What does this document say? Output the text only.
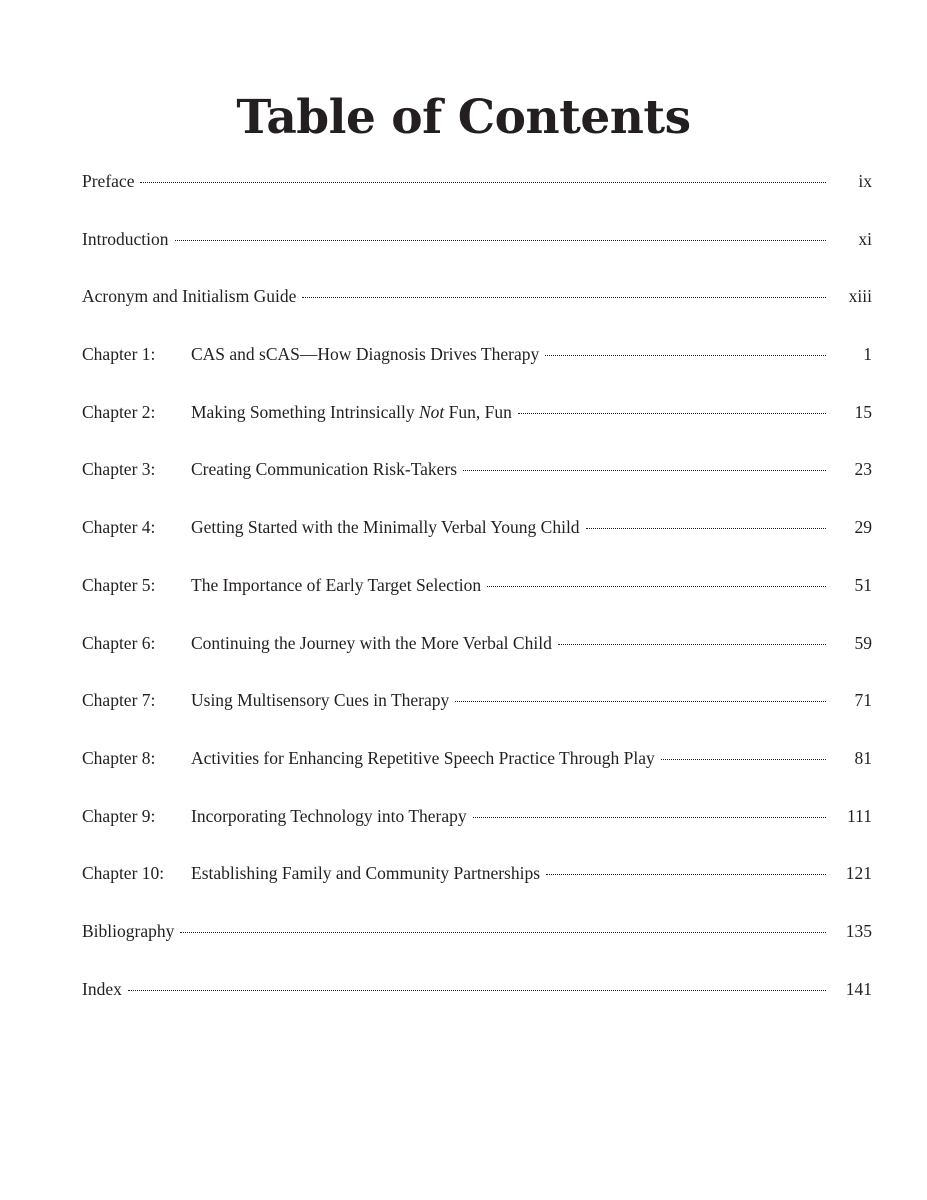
Table of Contents
Preface	ix
Introduction	xi
Acronym and Initialism Guide	xiii
Chapter 1:	CAS and sCAS—How Diagnosis Drives Therapy	1
Chapter 2:	Making Something Intrinsically Not Fun, Fun	15
Chapter 3:	Creating Communication Risk-Takers	23
Chapter 4:	Getting Started with the Minimally Verbal Young Child	29
Chapter 5:	The Importance of Early Target Selection	51
Chapter 6:	Continuing the Journey with the More Verbal Child	59
Chapter 7:	Using Multisensory Cues in Therapy	71
Chapter 8:	Activities for Enhancing Repetitive Speech Practice Through Play	81
Chapter 9:	Incorporating Technology into Therapy	111
Chapter 10:	Establishing Family and Community Partnerships	121
Bibliography	135
Index	141
